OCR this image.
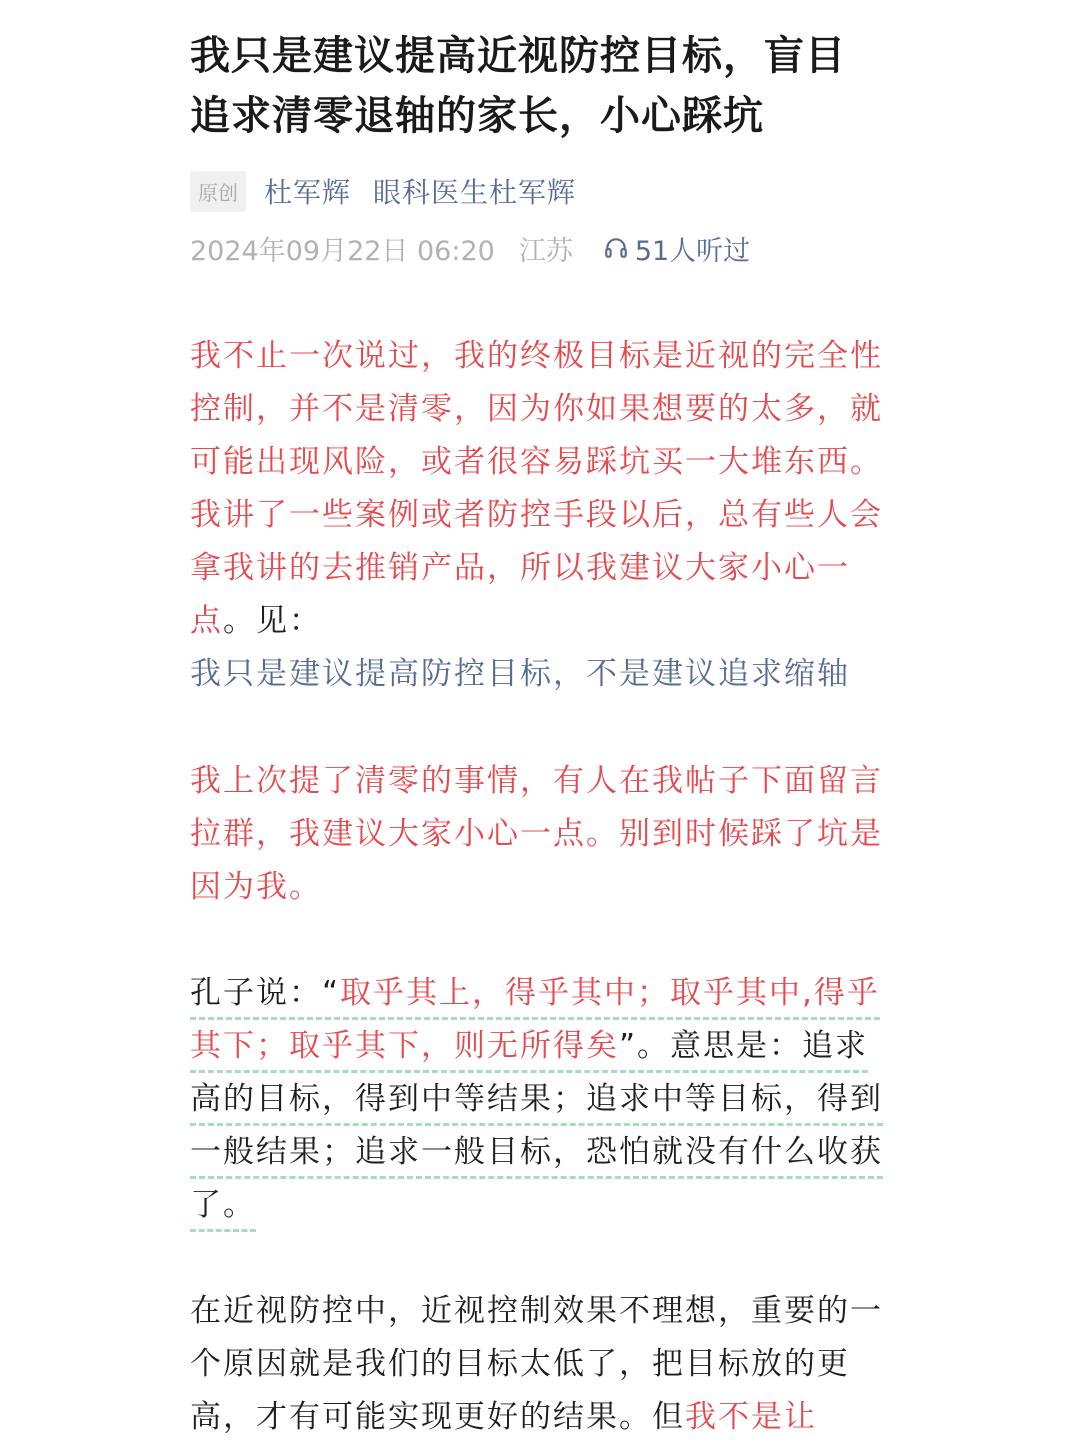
我只是建议提高近视防控目标，盲目追求清零退轴的家长，小心踩坑
原创 杜军辉 眼科医生杜军辉
2024年09月22日 06:20 江苏 51人听过
我不止一次说过，我的终极目标是近视的完全性控制，并不是清零，因为你如果想要的太多，就可能出现风险，或者很容易踩坑买一大堆东西。我讲了一些案例或者防控手段以后，总有些人会拿我讲的去推销产品，所以我建议大家小心一点。见：
我只是建议提高防控目标，不是建议追求缩轴
我上次提了清零的事情，有人在我帖子下面留言拉群，我建议大家小心一点。别到时候踩了坑是因为我。
孔子说：“取乎其上，得乎其中；取乎其中,得乎其下；取乎其下，则无所得矣”。意思是：追求高的目标，得到中等结果；追求中等目标，得到一般结果；追求一般目标，恐怕就没有什么收获了。
在近视防控中，近视控制效果不理想，重要的一个原因就是我们的目标太低了，把目标放的更高，才有可能实现更好的结果。但我不是让
